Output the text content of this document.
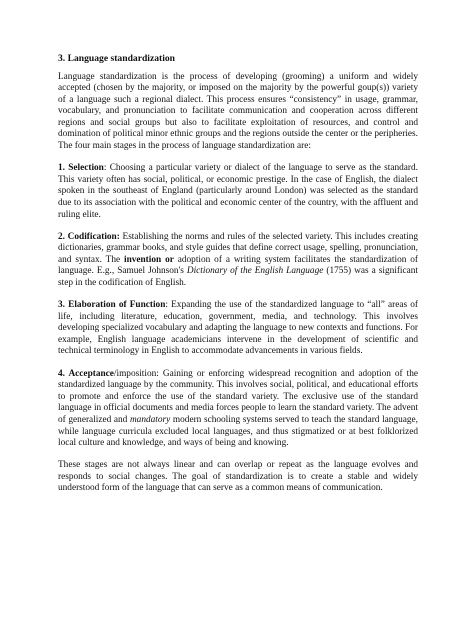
3. Language standardization

Language standardization is the process of developing (grooming) a uniform and widely accepted (chosen by the majority, or imposed on the majority by the powerful goup(s)) variety of a language such a regional dialect. This process ensures “consistency” in usage, grammar, vocabulary, and pronunciation to facilitate communication and cooperation across different regions and social groups but also to facilitate exploitation of resources, and control and domination of political minor ethnic groups and the regions outside the center or the peripheries. The four main stages in the process of language standardization are:

1. Selection: Choosing a particular variety or dialect of the language to serve as the standard. This variety often has social, political, or economic prestige. In the case of English, the dialect spoken in the southeast of England (particularly around London) was selected as the standard due to its association with the political and economic center of the country, with the affluent and ruling elite.

2. Codification: Establishing the norms and rules of the selected variety. This includes creating dictionaries, grammar books, and style guides that define correct usage, spelling, pronunciation, and syntax. The invention or adoption of a writing system facilitates the standardization of language. E.g., Samuel Johnson's Dictionary of the English Language (1755) was a significant step in the codification of English.

3. Elaboration of Function: Expanding the use of the standardized language to “all” areas of life, including literature, education, government, media, and technology. This involves developing specialized vocabulary and adapting the language to new contexts and functions. For example, English language academicians intervene in the development of scientific and technical terminology in English to accommodate advancements in various fields.

4. Acceptance/imposition: Gaining or enforcing widespread recognition and adoption of the standardized language by the community. This involves social, political, and educational efforts to promote and enforce the use of the standard variety. The exclusive use of the standard language in official documents and media forces people to learn the standard variety. The advent of generalized and mandatory modern schooling systems served to teach the standard language, while language curricula excluded local languages, and thus stigmatized or at best folklorized local culture and knowledge, and ways of being and knowing.

These stages are not always linear and can overlap or repeat as the language evolves and responds to social changes. The goal of standardization is to create a stable and widely understood form of the language that can serve as a common means of communication.
